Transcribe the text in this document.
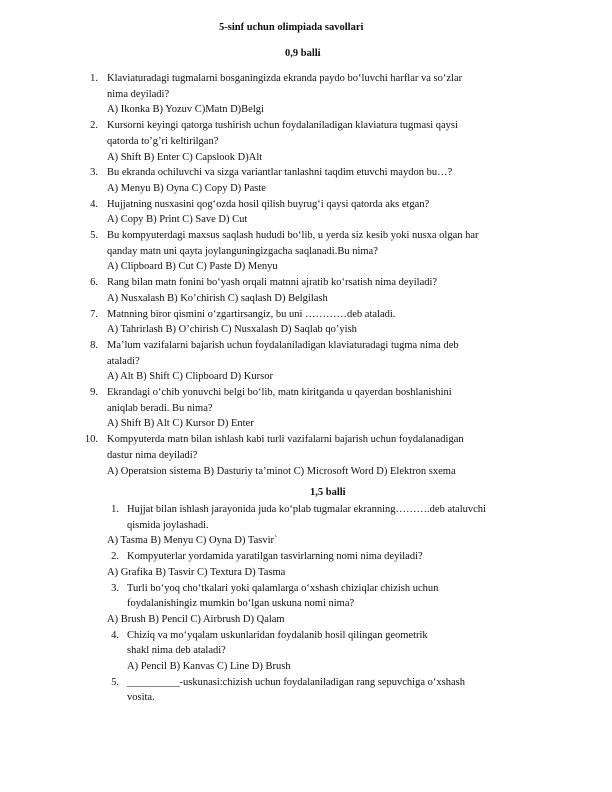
5-sinf uchun olimpiada savollari
0,9 balli
1. Klaviaturadagi tugmalarni bosganingizda ekranda paydo bo‘luvchi harflar va so‘zlar
nima deyiladi?
A) Ikonka B) Yozuv C)Matn D)Belgi
2. Kursorni keyingi qatorga tushirish uchun foydalaniladigan klaviatura tugmasi qaysi
qatorda to’g’ri keltirilgan?
A) Shift B) Enter C) Capslook D)Alt
3. Bu ekranda ochiluvchi va sizga variantlar tanlashni taqdim etuvchi maydon bu…?
A) Menyu B) Oyna C) Copy D) Paste
4. Hujjatning nusxasini qog‘ozda hosil qilish buyrug‘i qaysi qatorda aks etgan?
A) Copy B) Print C) Save D) Cut
5. Bu kompyuterdagi maxsus saqlash hududi bo‘lib, u yerda siz kesib yoki nusxa olgan har
qanday matn uni qayta joylanguningizgacha saqlanadi.Bu nima?
A) Clipboard B) Cut C) Paste D) Menyu
6. Rang bilan matn fonini bo‘yash orqali matnni ajratib ko‘rsatish nima deyiladi?
A) Nusxalash B) Ko’chirish C) saqlash D) Belgilash
7. Matnning biror qismini o‘zgartirsangiz, bu uni …………deb ataladi.
A) Tahrirlash B) O’chirish C) Nusxalash D) Saqlab qo’yish
8. Ma’lum vazifalarni bajarish uchun foydalaniladigan klaviaturadagi tugma nima deb
ataladi?
A) Alt B) Shift C) Clipboard D) Kursor
9. Ekrandagi o‘chib yonuvchi belgi bo‘lib, matn kiritganda u qayerdan boshlanishini
aniqlab beradi. Bu nima?
A) Shift B) Alt C) Kursor D) Enter
10. Kompyuterda matn bilan ishlash kabi turli vazifalarni bajarish uchun foydalanadigan
dastur nima deyiladi?
A) Operatsion sistema B) Dasturiy ta’minot C) Microsoft Word D) Elektron sxema
1,5 balli
1. Hujjat bilan ishlash jarayonida juda ko‘plab tugmalar ekranning……….deb ataluvchi
qismida joylashadi.
A) Tasma B) Menyu C) Oyna D) Tasvir`
2. Kompyuterlar yordamida yaratilgan tasvirlarning nomi nima deyiladi?
A) Grafika B) Tasvir C) Textura D) Tasma
3. Turli bo‘yoq cho‘tkalari yoki qalamlarga o‘xshash chiziqlar chizish uchun
foydalanishingiz mumkin bo‘lgan uskuna nomi nima?
A) Brush B) Pencil C) Airbrush D) Qalam
4. Chiziq va mo‘yqalam uskunlaridan foydalanib hosil qilingan geometrik
shakl nima deb ataladi?
A) Pencil B) Kanvas C) Line D) Brush
5. __________-uskunasi:chizish uchun foydalaniladigan rang sepuvchiga o‘xshash
vosita.
